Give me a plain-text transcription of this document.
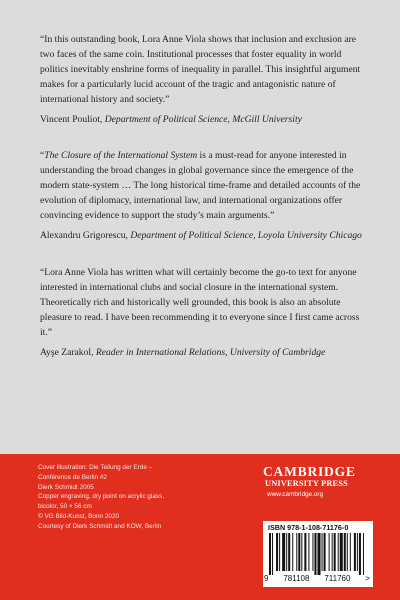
“In this outstanding book, Lora Anne Viola shows that inclusion and exclusion are two faces of the same coin. Institutional processes that foster equality in world politics inevitably enshrine forms of inequality in parallel. This insightful argument makes for a particularly lucid account of the tragic and antagonistic nature of international history and society.”

Vincent Pouliot, Department of Political Science, McGill University

“The Closure of the International System is a must-read for anyone interested in understanding the broad changes in global governance since the emergence of the modern state-system … The long historical time-frame and detailed accounts of the evolution of diplomacy, international law, and international organizations offer convincing evidence to support the study’s main arguments.”

Alexandru Grigorescu, Department of Political Science, Loyola University Chicago

“Lora Anne Viola has written what will certainly become the go-to text for anyone interested in international clubs and social closure in the international system. Theoretically rich and historically well grounded, this book is also an absolute pleasure to read. I have been recommending it to everyone since I first came across it.”

Ayşe Zarakol, Reader in International Relations, University of Cambridge

Cover illustration: Die Teilung der Erde –
Conférence de Berlin #2
Dierk Schmidt 2005
Copper engraving, dry point on acrylic glass,
bicolor, 50 × 56 cm
© VG Bild-Kunst, Bonn 2020
Courtesy of Dierk Schmidt and KOW, Berlin
CAMBRIDGE
UNIVERSITY PRESS
www.cambridge.org
ISBN 978-1-108-71176-0
9 781108 711760 >
